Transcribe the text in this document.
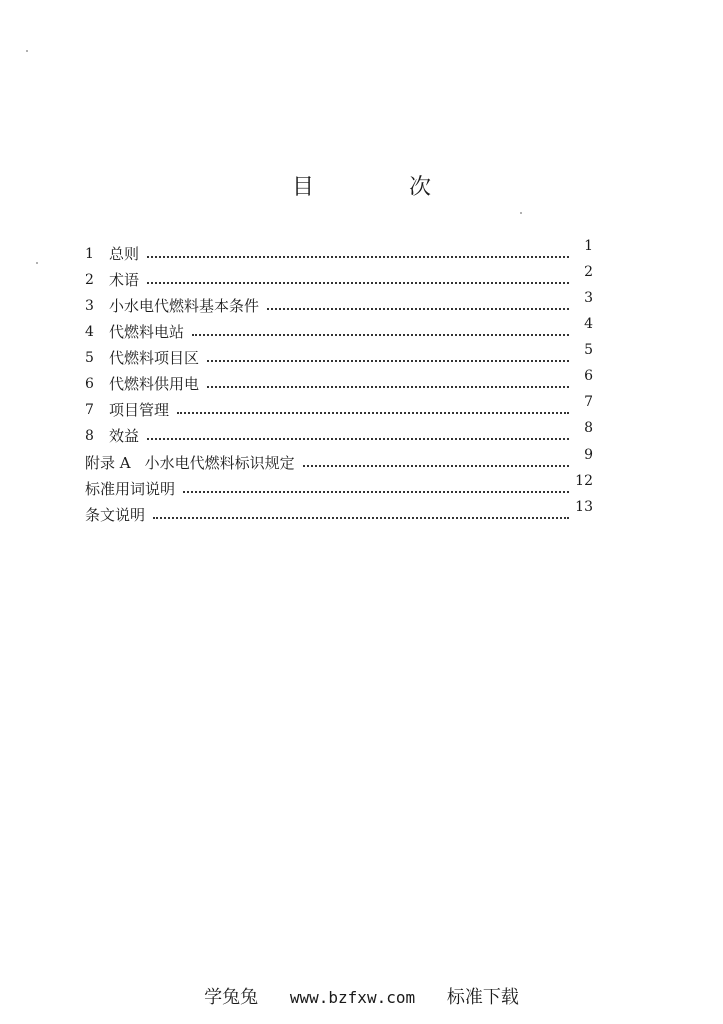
目 次
1	总则	1
2	术语	2
3	小水电代燃料基本条件	3
4	代燃料电站	4
5	代燃料项目区	5
6	代燃料供用电	6
7	项目管理	7
8	效益	8
附录 A 小水电代燃料标识规定	9
标准用词说明	12
条文说明	13
学兔兔 www.bzfxw.com 标准下载
